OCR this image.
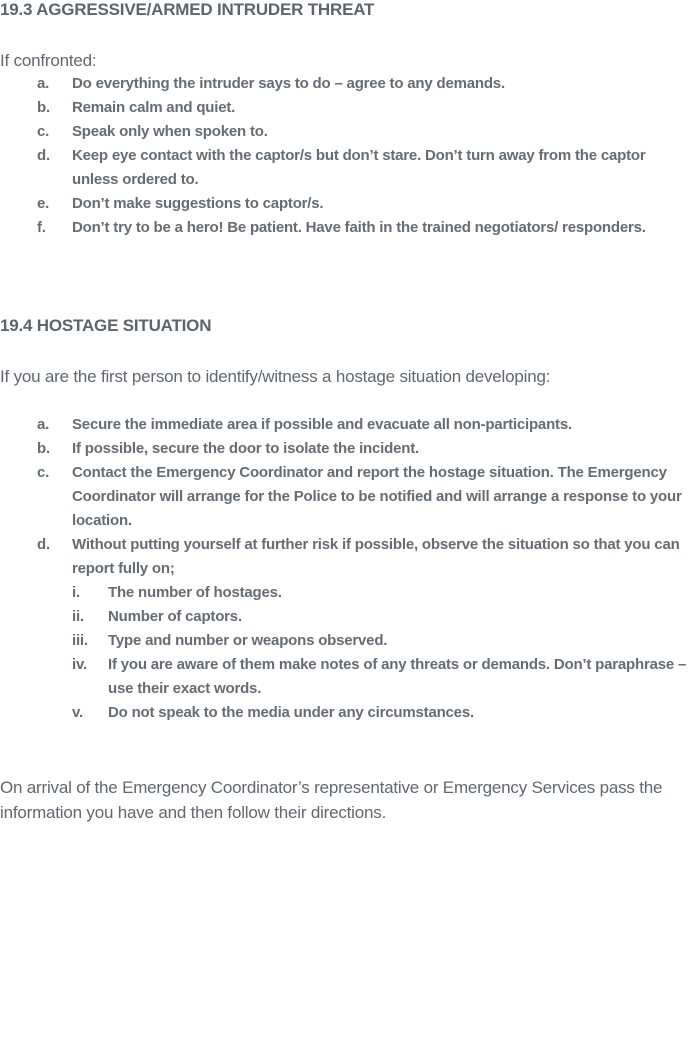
19.3 AGGRESSIVE/ARMED INTRUDER THREAT
If confronted:
a. Do everything the intruder says to do – agree to any demands.
b. Remain calm and quiet.
c. Speak only when spoken to.
d. Keep eye contact with the captor/s but don’t stare. Don’t turn away from the captor unless ordered to.
e. Don’t make suggestions to captor/s.
f. Don’t try to be a hero! Be patient. Have faith in the trained negotiators/ responders.
19.4 HOSTAGE SITUATION
If you are the first person to identify/witness a hostage situation developing:
a. Secure the immediate area if possible and evacuate all non-participants.
b. If possible, secure the door to isolate the incident.
c. Contact the Emergency Coordinator and report the hostage situation. The Emergency Coordinator will arrange for the Police to be notified and will arrange a response to your location.
d. Without putting yourself at further risk if possible, observe the situation so that you can report fully on;
i. The number of hostages.
ii. Number of captors.
iii. Type and number or weapons observed.
iv. If you are aware of them make notes of any threats or demands. Don’t paraphrase – use their exact words.
v. Do not speak to the media under any circumstances.
On arrival of the Emergency Coordinator’s representative or Emergency Services pass the information you have and then follow their directions.
